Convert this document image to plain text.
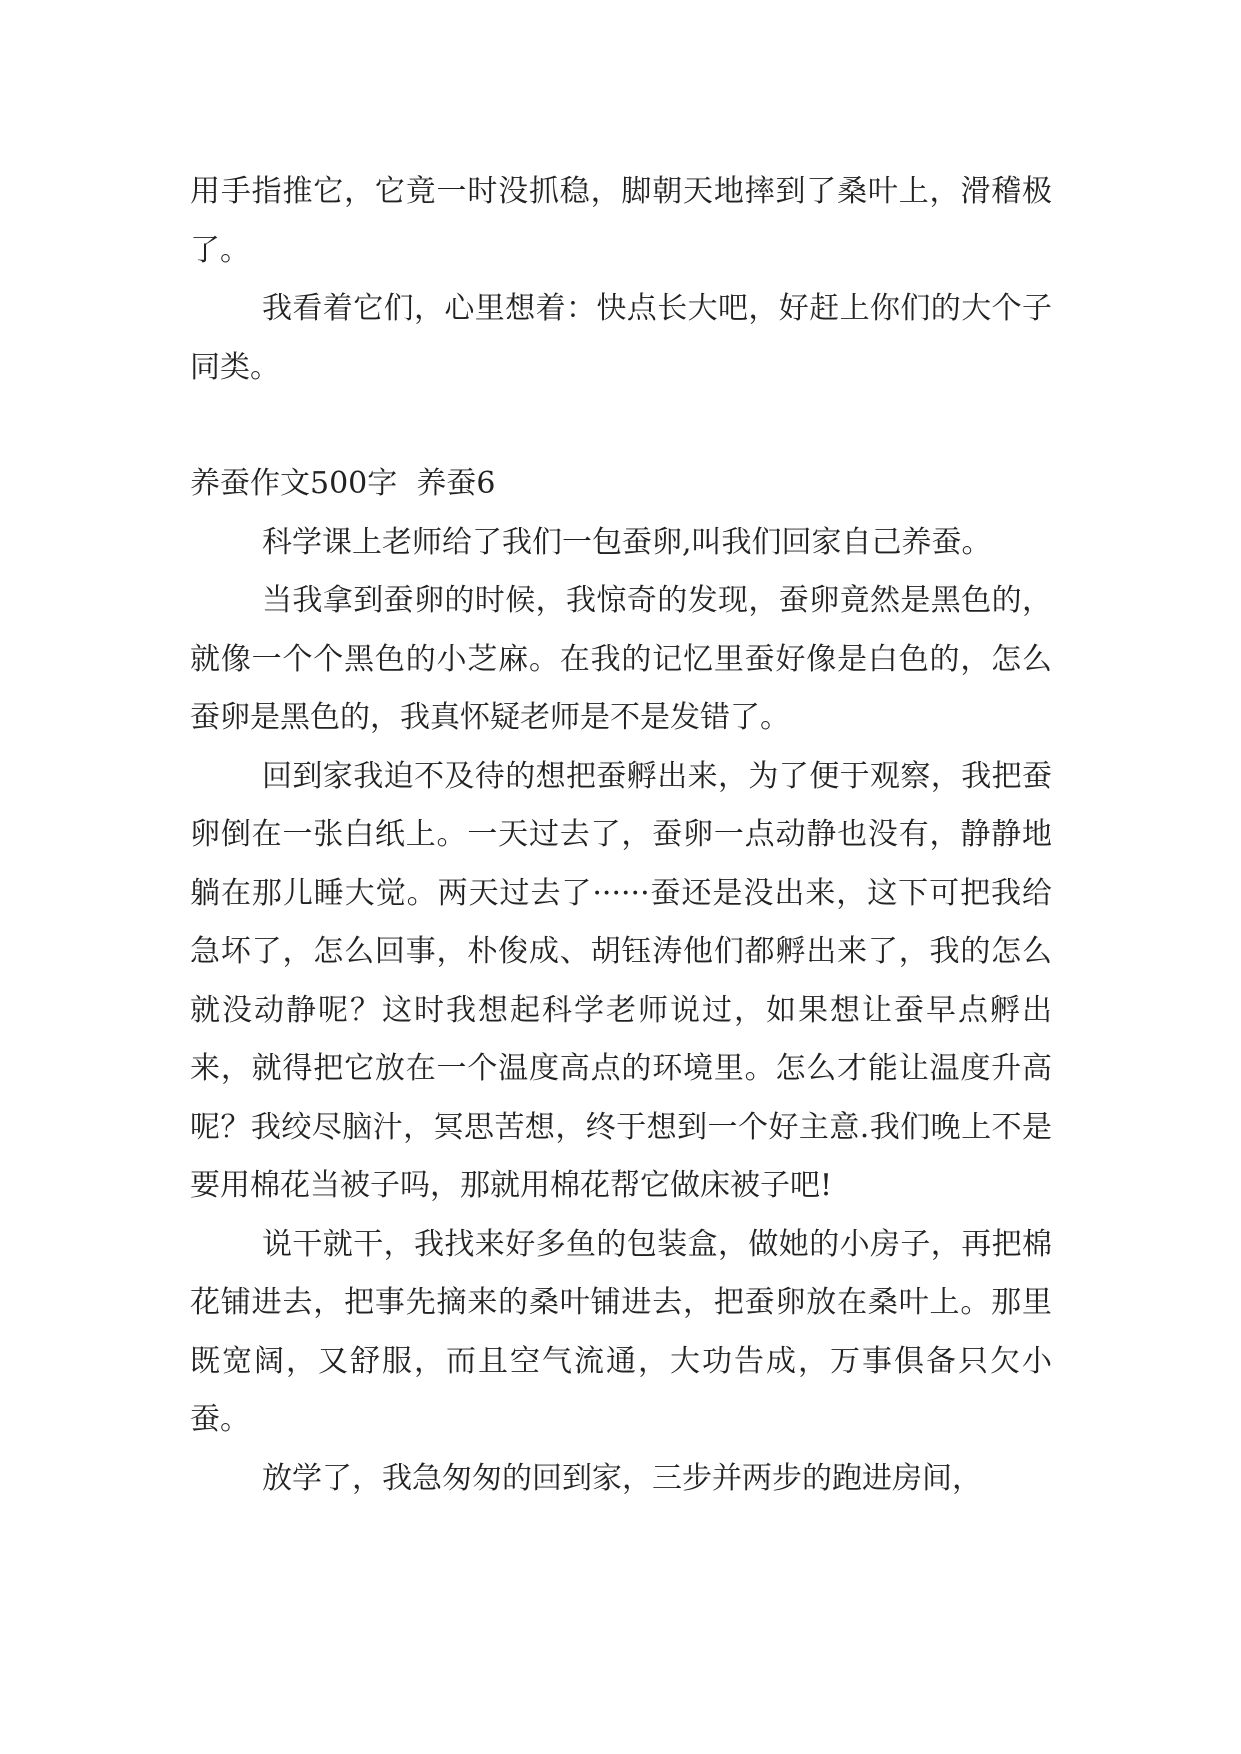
用手指推它，它竟一时没抓稳，脚朝天地摔到了桑叶上，滑稽极了。

我看着它们，心里想着：快点长大吧，好赶上你们的大个子同类。

养蚕作文500字  养蚕6

科学课上老师给了我们一包蚕卵,叫我们回家自己养蚕。

当我拿到蚕卵的时候，我惊奇的发现，蚕卵竟然是黑色的，就像一个个黑色的小芝麻。在我的记忆里蚕好像是白色的，怎么蚕卵是黑色的，我真怀疑老师是不是发错了。

回到家我迫不及待的想把蚕孵出来，为了便于观察，我把蚕卵倒在一张白纸上。一天过去了，蚕卵一点动静也没有，静静地躺在那儿睡大觉。两天过去了······蚕还是没出来，这下可把我给急坏了，怎么回事，朴俊成、胡钰涛他们都孵出来了，我的怎么就没动静呢？这时我想起科学老师说过，如果想让蚕早点孵出来，就得把它放在一个温度高点的环境里。怎么才能让温度升高呢？我绞尽脑汁，冥思苦想，终于想到一个好主意.我们晚上不是要用棉花当被子吗，那就用棉花帮它做床被子吧!

说干就干，我找来好多鱼的包装盒，做她的小房子，再把棉花铺进去，把事先摘来的桑叶铺进去，把蚕卵放在桑叶上。那里既宽阔，又舒服，而且空气流通，大功告成，万事俱备只欠小蚕。

放学了，我急匆匆的回到家，三步并两步的跑进房间，
